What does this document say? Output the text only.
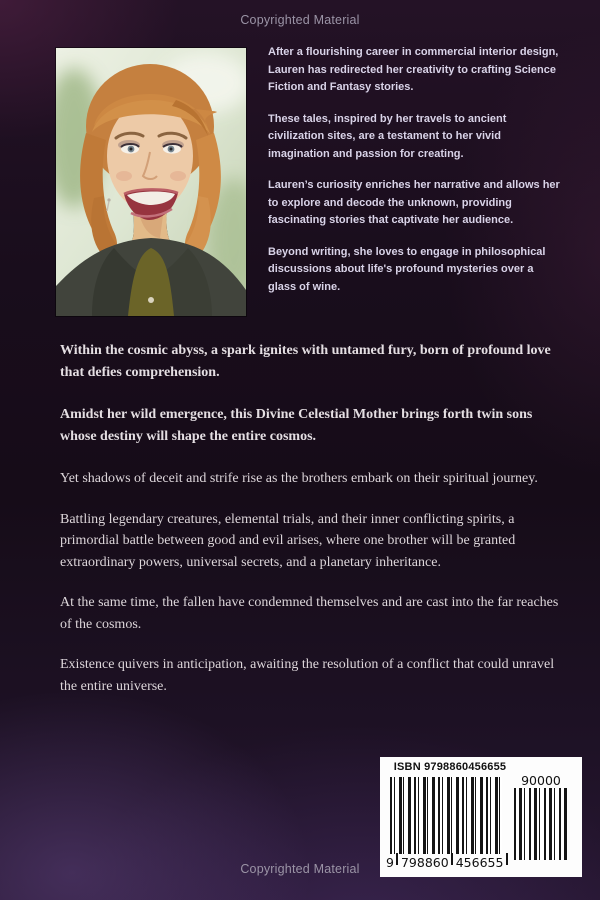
Copyrighted Material

After a flourishing career in commercial interior design, Lauren has redirected her creativity to crafting Science Fiction and Fantasy stories.

These tales, inspired by her travels to ancient civilization sites, are a testament to her vivid imagination and passion for creating.

Lauren’s curiosity enriches her narrative and allows her to explore and decode the unknown, providing fascinating stories that captivate her audience.

Beyond writing, she loves to engage in philosophical discussions about life's profound mysteries over a glass of wine.

Within the cosmic abyss, a spark ignites with untamed fury, born of profound love that defies comprehension.

Amidst her wild emergence, this Divine Celestial Mother brings forth twin sons whose destiny will shape the entire cosmos.

Yet shadows of deceit and strife rise as the brothers embark on their spiritual journey.

Battling legendary creatures, elemental trials, and their inner conflicting spirits, a primordial battle between good and evil arises, where one brother will be granted extraordinary powers, universal secrets, and a planetary inheritance.

At the same time, the fallen have condemned themselves and are cast into the far reaches of the cosmos.

Existence quivers in anticipation, awaiting the resolution of a conflict that could unravel the entire universe.

ISBN 9798860456655
9 798860 456655
90000
Copyrighted Material
